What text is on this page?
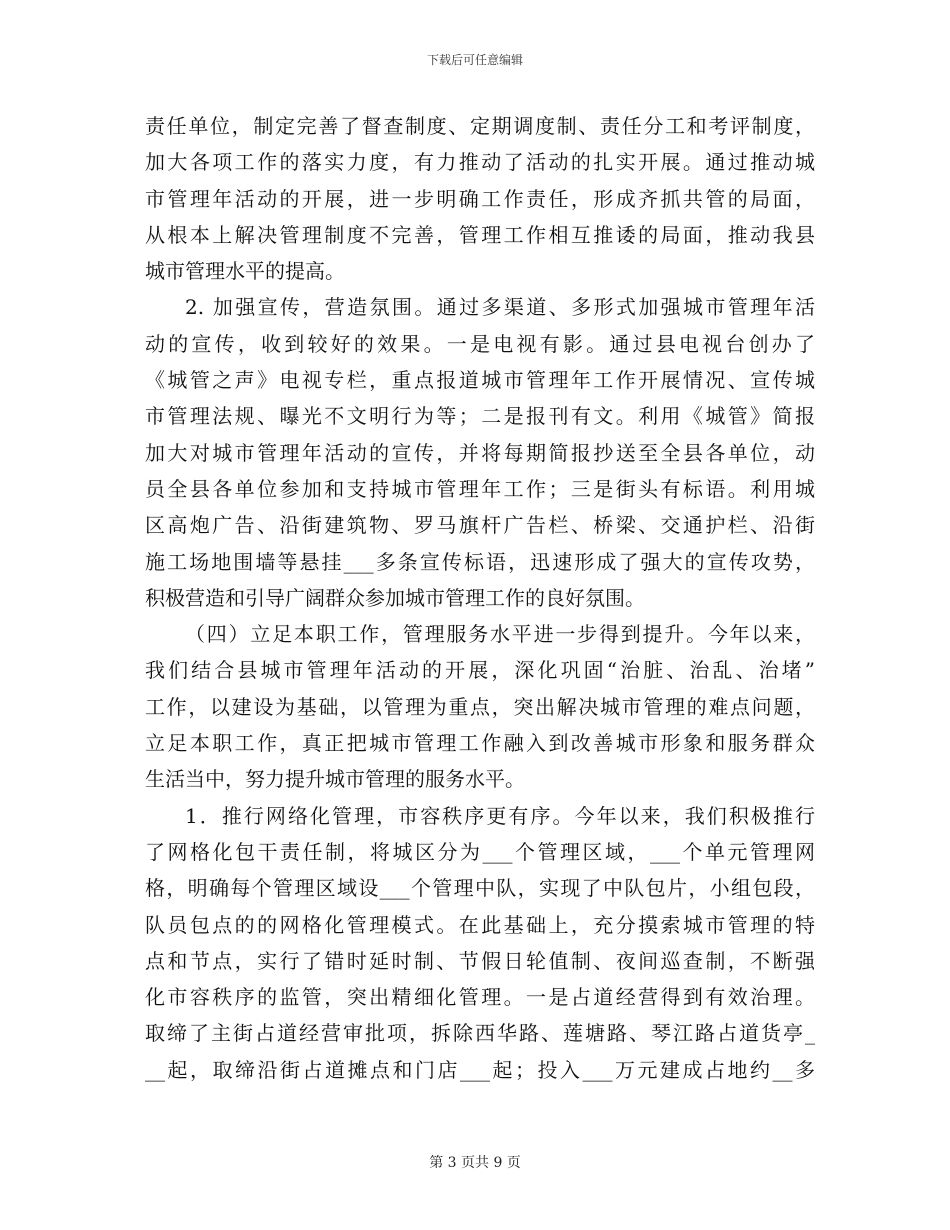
下载后可任意编辑
责任单位，制定完善了督查制度、定期调度制、责任分工和考评制度，
加大各项工作的落实力度，有力推动了活动的扎实开展。通过推动城
市管理年活动的开展，进一步明确工作责任，形成齐抓共管的局面，
从根本上解决管理制度不完善，管理工作相互推诿的局面，推动我县
城市管理水平的提高。
2. 加强宣传，营造氛围。通过多渠道、多形式加强城市管理年活
动的宣传，收到较好的效果。一是电视有影。通过县电视台创办了
《城管之声》电视专栏，重点报道城市管理年工作开展情况、宣传城
市管理法规、曝光不文明行为等；二是报刊有文。利用《城管》简报
加大对城市管理年活动的宣传，并将每期简报抄送至全县各单位，动
员全县各单位参加和支持城市管理年工作；三是街头有标语。利用城
区高炮广告、沿街建筑物、罗马旗杆广告栏、桥梁、交通护栏、沿街
施工场地围墙等悬挂___多条宣传标语，迅速形成了强大的宣传攻势，
积极营造和引导广阔群众参加城市管理工作的良好氛围。
（四）立足本职工作，管理服务水平进一步得到提升。今年以来，
我们结合县城市管理年活动的开展，深化巩固“治脏、治乱、治堵”
工作，以建设为基础，以管理为重点，突出解决城市管理的难点问题，
立足本职工作，真正把城市管理工作融入到改善城市形象和服务群众
生活当中，努力提升城市管理的服务水平。
1．推行网络化管理，市容秩序更有序。今年以来，我们积极推行
了网格化包干责任制，将城区分为___个管理区域，___个单元管理网
格，明确每个管理区域设___个管理中队，实现了中队包片，小组包段，
队员包点的的网格化管理模式。在此基础上，充分摸索城市管理的特
点和节点，实行了错时延时制、节假日轮值制、夜间巡查制，不断强
化市容秩序的监管，突出精细化管理。一是占道经营得到有效治理。
取缔了主街占道经营审批项，拆除西华路、莲塘路、琴江路占道货亭_
__起，取缔沿街占道摊点和门店___起；投入___万元建成占地约__多
第 3 页共 9 页
